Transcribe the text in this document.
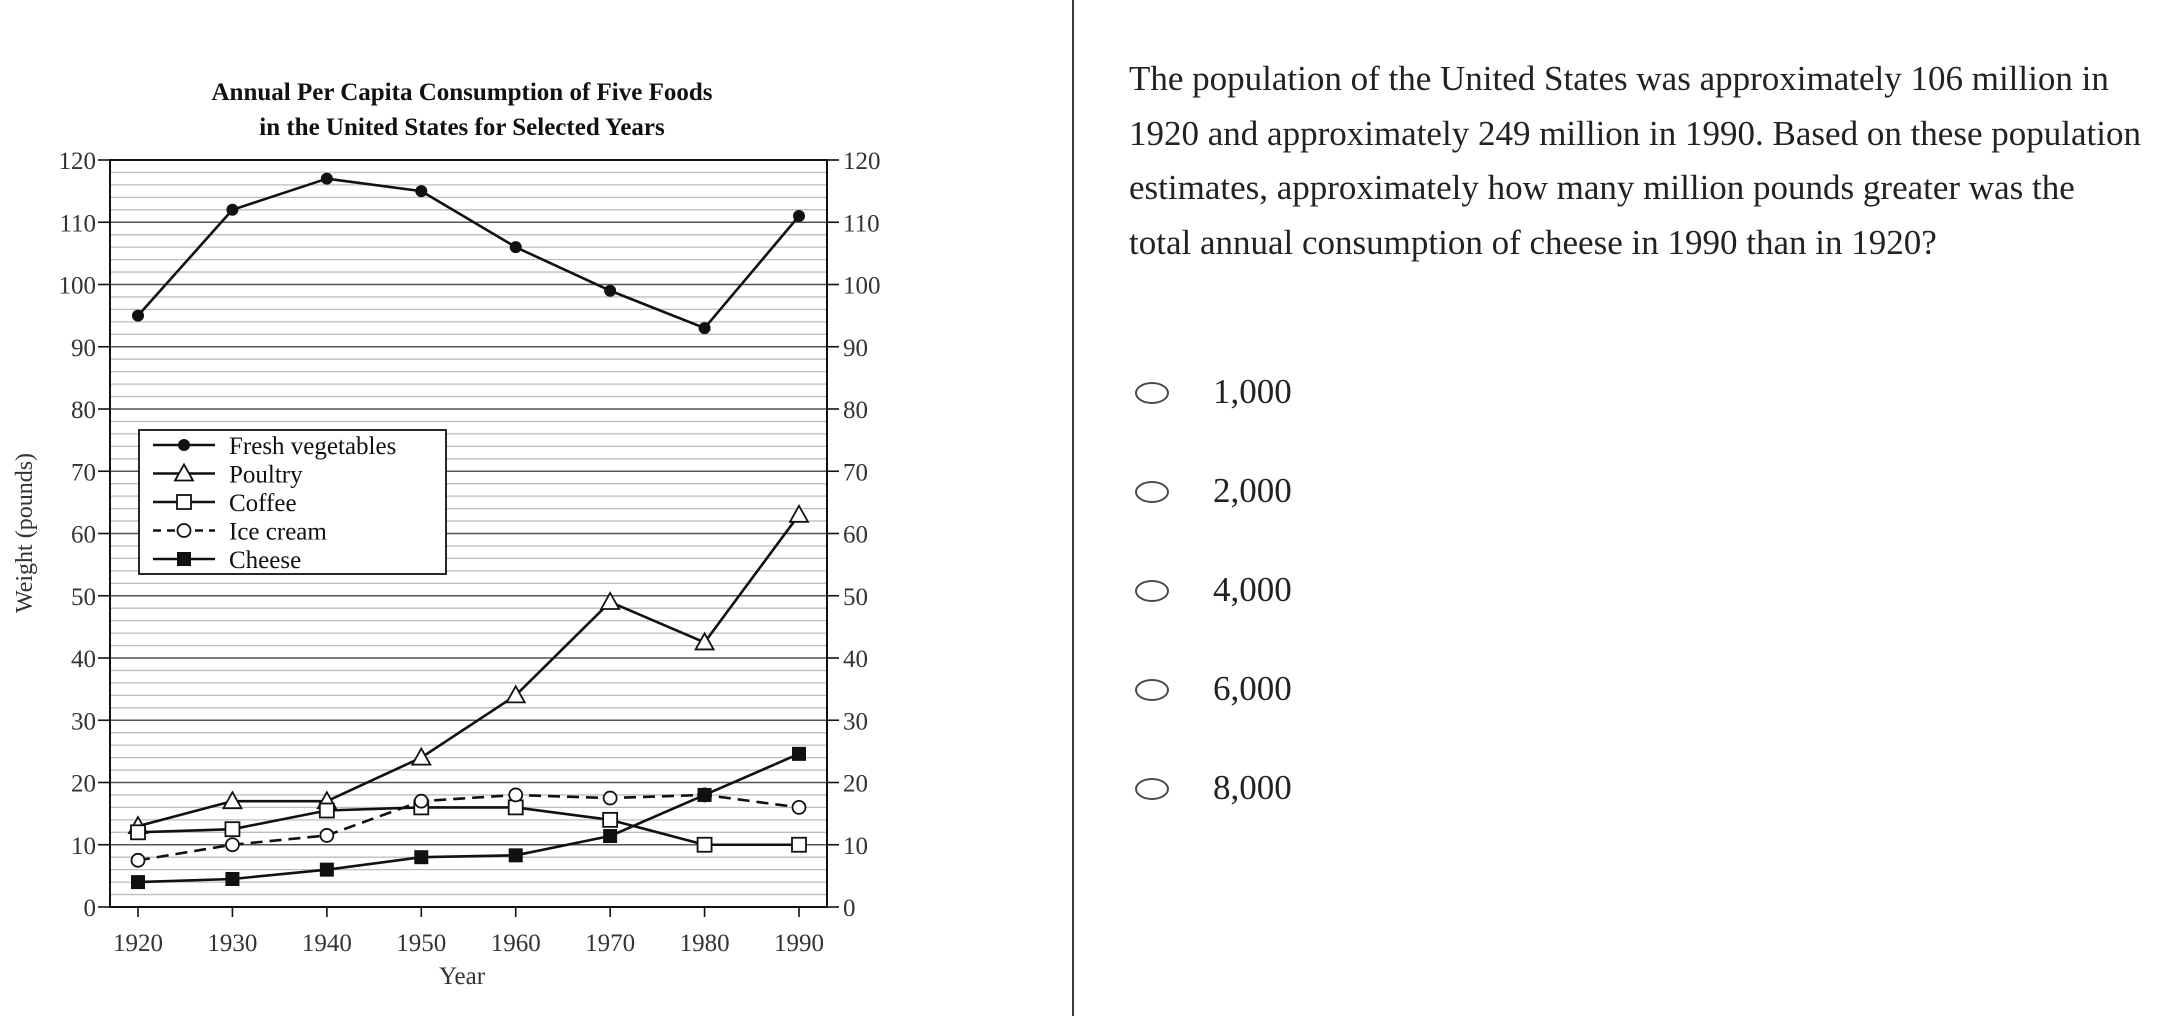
0	0
10	10
20	20
30	30
40	40
50	50
60	60
70	70
80	80
90	90
100	100
110	110
120	120
1920 1930 1940 1950 1960 1970 1980 1990
Annual Per Capita Consumption of Five Foods
in the United States for Selected Years
Year
Weight (pounds)
Fresh vegetables
Poultry
Coffee
Ice cream
Cheese
The population of the United States was approximately 106 million in 1920 and approximately 249 million in 1990. Based on these population estimates, approximately how many million pounds greater was the total annual consumption of cheese in 1990 than in 1920?
1,000
2,000
4,000
6,000
8,000
